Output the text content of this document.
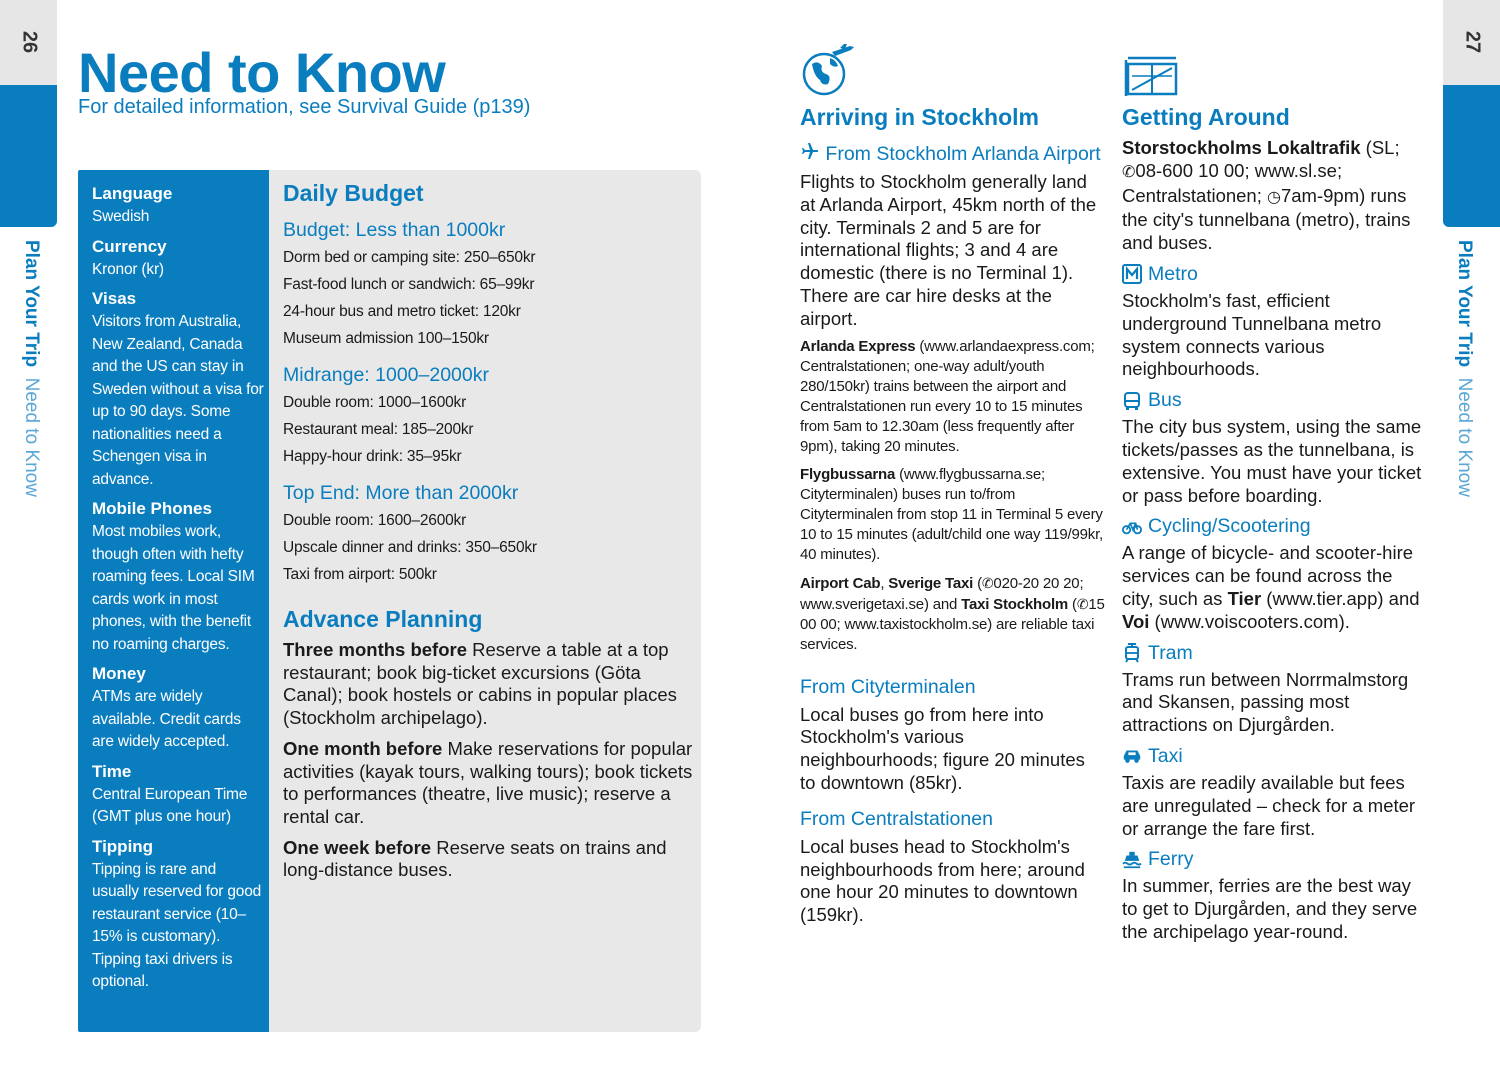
26
Plan Your Trip  Need to Know
27
Plan Your Trip  Need to Know
Need to Know

For detailed information, see Survival Guide (p139)

Language

Swedish

Currency

Kronor (kr)

Visas

Visitors from Australia, New Zealand, Canada and the US can stay in Sweden without a visa for up to 90 days. Some nationalities need a Schengen visa in advance.

Mobile Phones

Most mobiles work, though often with hefty roaming fees. Local SIM cards work in most phones, with the benefit no roaming charges.

Money

ATMs are widely available. Credit cards are widely accepted.

Time

Central European Time (GMT plus one hour)

Tipping

Tipping is rare and usually reserved for good restaurant service (10–15% is customary). Tipping taxi drivers is optional.

Daily Budget
Budget: Less than 1000kr
Dorm bed or camping site: 250–650kr
Fast-food lunch or sandwich: 65–99kr
24-hour bus and metro ticket: 120kr
Museum admission 100–150kr
Midrange: 1000–2000kr
Double room: 1000–1600kr
Restaurant meal: 185–200kr
Happy-hour drink: 35–95kr
Top End: More than 2000kr
Double room: 1600–2600kr
Upscale dinner and drinks: 350–650kr
Taxi from airport: 500kr
Advance Planning

Three months before Reserve a table at a top restaurant; book big-ticket excursions (Göta Canal); book hostels or cabins in popular places (Stockholm archipelago).

One month before Make reservations for popular activities (kayak tours, walking tours); book tickets to performances (theatre, live music); reserve a rental car.

One week before Reserve seats on trains and long-distance buses.

Arriving in Stockholm
From Stockholm Arlanda Airport

Flights to Stockholm generally land at Arlanda Airport, 45km north of the city. Terminals 2 and 5 are for international flights; 3 and 4 are domestic (there is no Terminal 1). There are car hire desks at the airport.

Arlanda Express (www.arlandaexpress.com; Centralstationen; one-way adult/youth 280/150kr) trains between the airport and Centralstationen run every 10 to 15 minutes from 5am to 12.30am (less frequently after 9pm), taking 20 minutes.

Flygbussarna (www.flygbussarna.se; Cityterminalen) buses run to/from Cityterminalen from stop 11 in Terminal 5 every 10 to 15 minutes (adult/child one way 119/99kr, 40 minutes).

Airport Cab, Sverige Taxi (✆020-20 20 20; www.sverigetaxi.se) and Taxi Stockholm (✆15 00 00; www.taxistockholm.se) are reliable taxi services.

From Cityterminalen

Local buses go from here into Stockholm's various neighbourhoods; figure 20 minutes to downtown (85kr).

From Centralstationen

Local buses head to Stockholm's neighbourhoods from here; around one hour 20 minutes to downtown (159kr).

Getting Around

Storstockholms Lokaltrafik (SL; ✆08-600 10 00; www.sl.se; Centralstationen; ◷7am-9pm) runs the city's tunnelbana (metro), trains and buses.

Metro

Stockholm's fast, efficient underground Tunnelbana metro system connects various neighbourhoods.

Bus

The city bus system, using the same tickets/passes as the tunnelbana, is extensive. You must have your ticket or pass before boarding.

Cycling/Scootering

A range of bicycle- and scooter-hire services can be found across the city, such as Tier (www.tier.app) and Voi (www.voiscooters.com).

Tram

Trams run between Norrmalmstorg and Skansen, passing most attractions on Djurgården.

Taxi

Taxis are readily available but fees are unregulated – check for a meter or arrange the fare first.

Ferry

In summer, ferries are the best way to get to Djurgården, and they serve the archipelago year-round.
